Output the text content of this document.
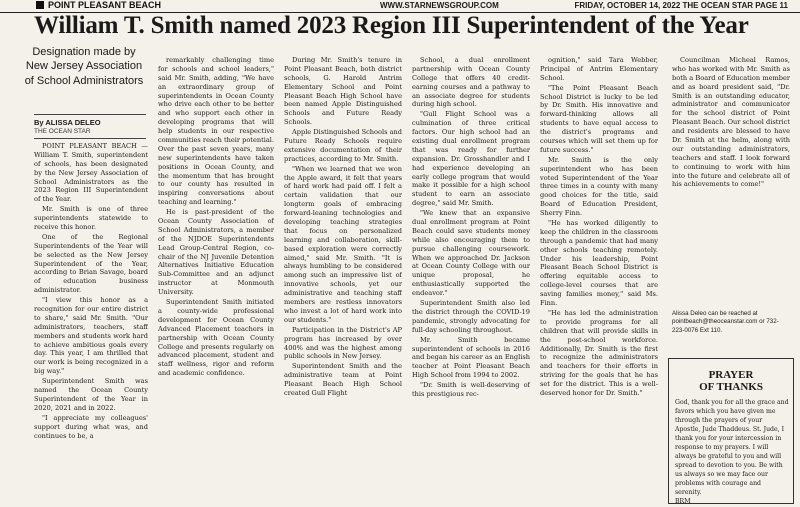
POINT PLEASANT BEACH	WWW.STARNEWSGROUP.COM	FRIDAY, OCTOBER 14, 2022 THE OCEAN STAR PAGE 11
William T. Smith named 2023 Region III Superintendent of the Year
Designation made by New Jersey Association of School Administrators
By ALISSA DELEO
THE OCEAN STAR

POINT PLEASANT BEACH — William T. Smith, superintendent of schools, has been designated by the New Jersey Association of School Administrators as the 2023 Region III Superintendent of the Year.

Mr. Smith is one of three superintendents statewide to receive this honor.

One of the Regional Superintendents of the Year will be selected as the New Jersey Superintendent of the Year, according to Brian Savage, board of education business administrator.

"I view this honor as a recognition for our entire district to share," said Mr. Smith. "Our administrators, teachers, staff members and students work hard to achieve ambitious goals every day. This year, I am thrilled that our work is being recognized in a big way."

Superintendent Smith was named the Ocean County Superintendent of the Year in 2020, 2021 and in 2022.

"I appreciate my colleagues' support during what was, and continues to be, a

remarkably challenging time for schools and school leaders," said Mr. Smith, adding, "We have an extraordinary group of superintendents in Ocean County who drive each other to be better and who support each other in developing programs that will help students in our respective communities reach their potential. Over the past seven years, many new superintendents have taken positions in Ocean County, and the momentum that has brought to our county has resulted in inspiring conversations about teaching and learning."

He is past-president of the Ocean County Association of School Administrators, a member of the NJDOE Superintendents Lead Group-Central Region, co-chair of the NJ Juvenile Detention Alternatives Initiative Education Sub-Committee and an adjunct instructor at Monmouth University.

Superintendent Smith initiated a county-wide professional development for Ocean County Advanced Placement teachers in partnership with Ocean County College and presents regularly on advanced placement, student and staff wellness, rigor and reform and academic confidence.

During Mr. Smith's tenure in Point Pleasant Beach, both district schools, G. Harold Antrim Elementary School and Point Pleasant Beach High School have been named Apple Distinguished Schools and Future Ready Schools.

Apple Distinguished Schools and Future Ready Schools require extensive documentation of their practices, according to Mr. Smith.

"When we learned that we won the Apple award, it felt that years of hard work had paid off. I felt a certain validation that our longterm goals of embracing forward-leaning technologies and developing teaching strategies that focus on personalized learning and collaboration, skill-based exploration were correctly aimed," said Mr. Smith. "It is always humbling to be considered among such an impressive list of innovative schools, yet our administrative and teaching staff members are restless innovators who invest a lot of hard work into our students."

Participation in the District's AP program has increased by over 400% and was the highest among public schools in New Jersey.

Superintendent Smith and the administrative team at Point Pleasant Beach High School created Gull Flight

School, a dual enrollment partnership with Ocean County College that offers 40 credit-earning courses and a pathway to an associate degree for students during high school.

"Gull Flight School was a culmination of three critical factors. Our high school had an existing dual enrollment program that was ready for further expansion. Dr. Grosshandler and I had experience developing an early college program that would make it possible for a high school student to earn an associate degree," said Mr. Smith.

"We knew that an expansive dual enrollment program at Point Beach could save students money while also encouraging them to pursue challenging coursework. When we approached Dr. Jackson at Ocean County College with our unique proposal, he enthusiastically supported the endeavor."

Superintendent Smith also led the district through the COVID-19 pandemic, strongly advocating for full-day schooling throughout.

Mr. Smith became superintendent of schools in 2016 and began his career as an English teacher at Point Pleasant Beach High School from 1994 to 2002.

"Dr. Smith is well-deserving of this prestigious rec-

ognition," said Tara Webber, Principal of Antrim Elementary School.

"The Point Pleasant Beach School District is lucky to be led by Dr. Smith. His innovative and forward-thinking allows all students to have equal access to the district's programs and courses which will set them up for future success."

Mr. Smith is the only superintendent who has been voted Superintendent of the Year three times in a county with many good choices for the title, said Board of Education President, Sherry Finn.

"He has worked diligently to keep the children in the classroom through a pandemic that had many other schools teaching remotely. Under his leadership, Point Pleasant Beach School District is offering equitable access to college-level courses that are saving families money," said Ms. Finn.

"He has led the administration to provide programs for all children that will provide skills in the post-school workforce. Additionally, Dr. Smith is the first to recognize the administrators and teachers for their efforts in striving for the goals that he has set for the district. This is a well-deserved honor for Dr. Smith."

Councilman Micheal Ramos, who has worked with Mr. Smith as both a Board of Education member and as board president said, "Dr. Smith is an outstanding educator, administrator and communicator for the school district of Point Pleasant Beach. Our school district and residents are blessed to have Dr. Smith at the helm, along with our outstanding administrators, teachers and staff. I look forward to continuing to work with him into the future and celebrate all of his achievements to come!"

Alissa Deleo can be reached at pointbeach@theoceanstar.com or 732-223-0076 Ext 110.
PRAYER
OF THANKS
God, thank you for all the grace and favors which you have given me through the prayers of your Apostle, Jude Thaddeus. St. Jude, I thank you for your intercession in response to my prayers. I will always be grateful to you and will spread to devotion to you. Be with us always so we may face our problems with courage and serenity.
BRM
